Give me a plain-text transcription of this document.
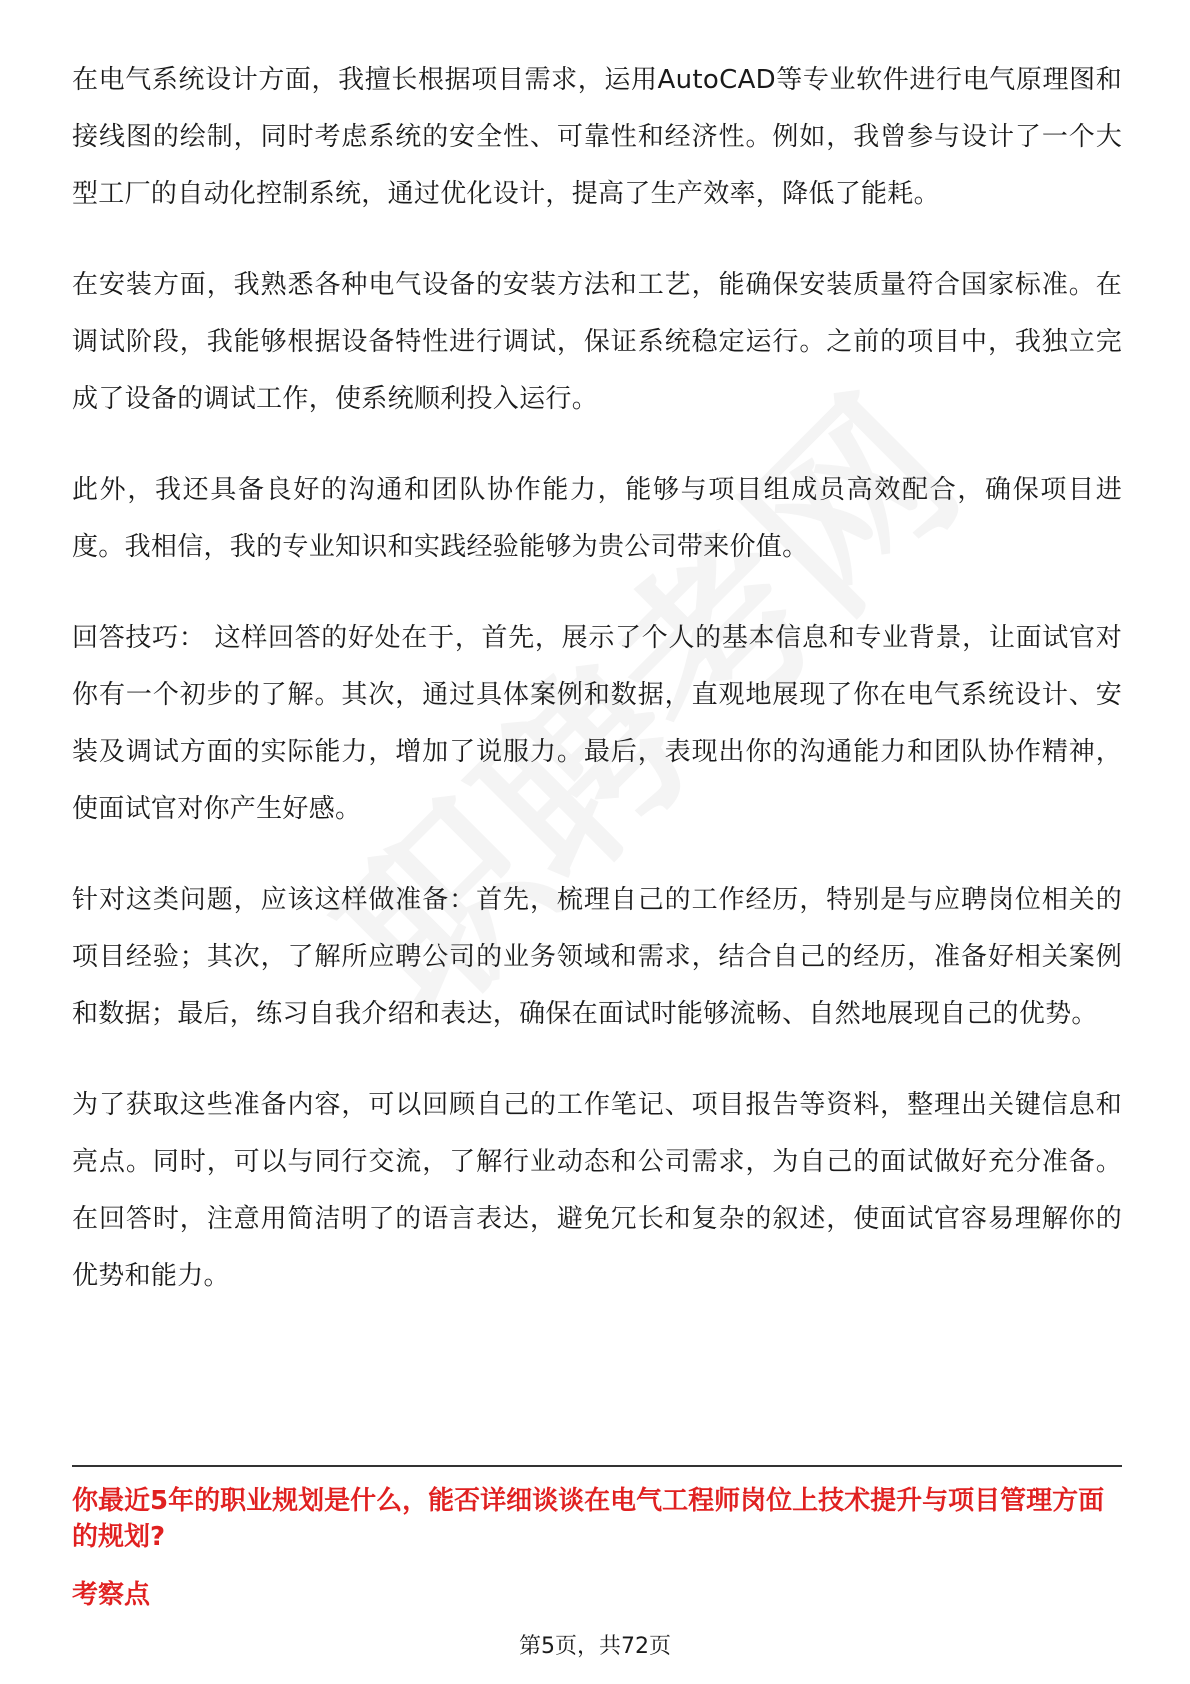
在电气系统设计方面，我擅长根据项目需求，运用AutoCAD等专业软件进行电气原理图和接线图的绘制，同时考虑系统的安全性、可靠性和经济性。例如，我曾参与设计了一个大型工厂的自动化控制系统，通过优化设计，提高了生产效率，降低了能耗。

在安装方面，我熟悉各种电气设备的安装方法和工艺，能确保安装质量符合国家标准。在调试阶段，我能够根据设备特性进行调试，保证系统稳定运行。之前的项目中，我独立完成了设备的调试工作，使系统顺利投入运行。

此外，我还具备良好的沟通和团队协作能力，能够与项目组成员高效配合，确保项目进度。我相信，我的专业知识和实践经验能够为贵公司带来价值。

回答技巧： 这样回答的好处在于，首先，展示了个人的基本信息和专业背景，让面试官对你有一个初步的了解。其次，通过具体案例和数据，直观地展现了你在电气系统设计、安装及调试方面的实际能力，增加了说服力。最后，表现出你的沟通能力和团队协作精神，使面试官对你产生好感。

针对这类问题，应该这样做准备：首先，梳理自己的工作经历，特别是与应聘岗位相关的项目经验；其次，了解所应聘公司的业务领域和需求，结合自己的经历，准备好相关案例和数据；最后，练习自我介绍和表达，确保在面试时能够流畅、自然地展现自己的优势。

为了获取这些准备内容，可以回顾自己的工作笔记、项目报告等资料，整理出关键信息和亮点。同时，可以与同行交流，了解行业动态和公司需求，为自己的面试做好充分准备。在回答时，注意用简洁明了的语言表达，避免冗长和复杂的叙述，使面试官容易理解你的优势和能力。

你最近5年的职业规划是什么，能否详细谈谈在电气工程师岗位上技术提升与项目管理方面的规划?
考察点
第5页，共72页
